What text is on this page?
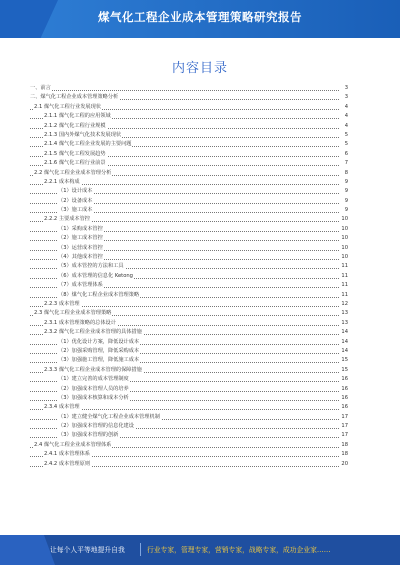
煤气化工程企业成本管理策略研究报告
内容目录
一、前言	3
二、煤气化工程企业成本管理策略分析	3
2.1 煤气化工程行业发展现状	4
2.1.1 煤气化工程的应用领域	4
2.1.2 煤气化工程行业规模	4
2.1.3 国内外煤气化技术发展现状	5
2.1.4 煤气化工程企业发展的主要问题	5
2.1.5 煤气化工程发展趋势	6
2.1.6 煤气化工程行业前景	7
2.2 煤气化工程企业成本管理分析	8
2.2.1 成本构成	9
（1）设计成本	9
（2）设备成本	9
（3）施工成本	9
2.2.2 主要成本管控	10
（1）采购成本管控	10
（2）施工成本管控	10
（3）运营成本管控	10
（4）其他成本管控	10
（5）成本管控的方法和工具	11
（6）成本管理的信息化 Ketong	11
（7）成本管理体系	11
（8）煤气化工程企业成本管理策略	11
2.2.3 成本管理	12
2.3 煤气化工程企业成本管理策略	13
2.3.1 成本管理策略的总体设计	13
2.3.2 煤气化工程企业成本管理的具体措施	14
（1）优化设计方案，降低设计成本	14
（2）加强采购管理，降低采购成本	14
（3）加强施工管理，降低施工成本	15
2.3.3 煤气化工程企业成本管理的保障措施	15
（1）建立完善的成本管理制度	16
（2）加强成本管理人员的培养	16
（3）加强成本核算和成本分析	16
2.3.4 成本管理	16
（1）建立健全煤气化工程企业成本管理机制	17
（2）加强成本管理的信息化建设	17
（3）加强成本管理的创新	17
2.4 煤气化工程企业成本管理体系	18
2.4.1 成本管理体系	18
2.4.2 成本管理原则	20
让每个人平等地提升自我	行业专家，管理专家，营销专家，战略专家，成功企业家……
